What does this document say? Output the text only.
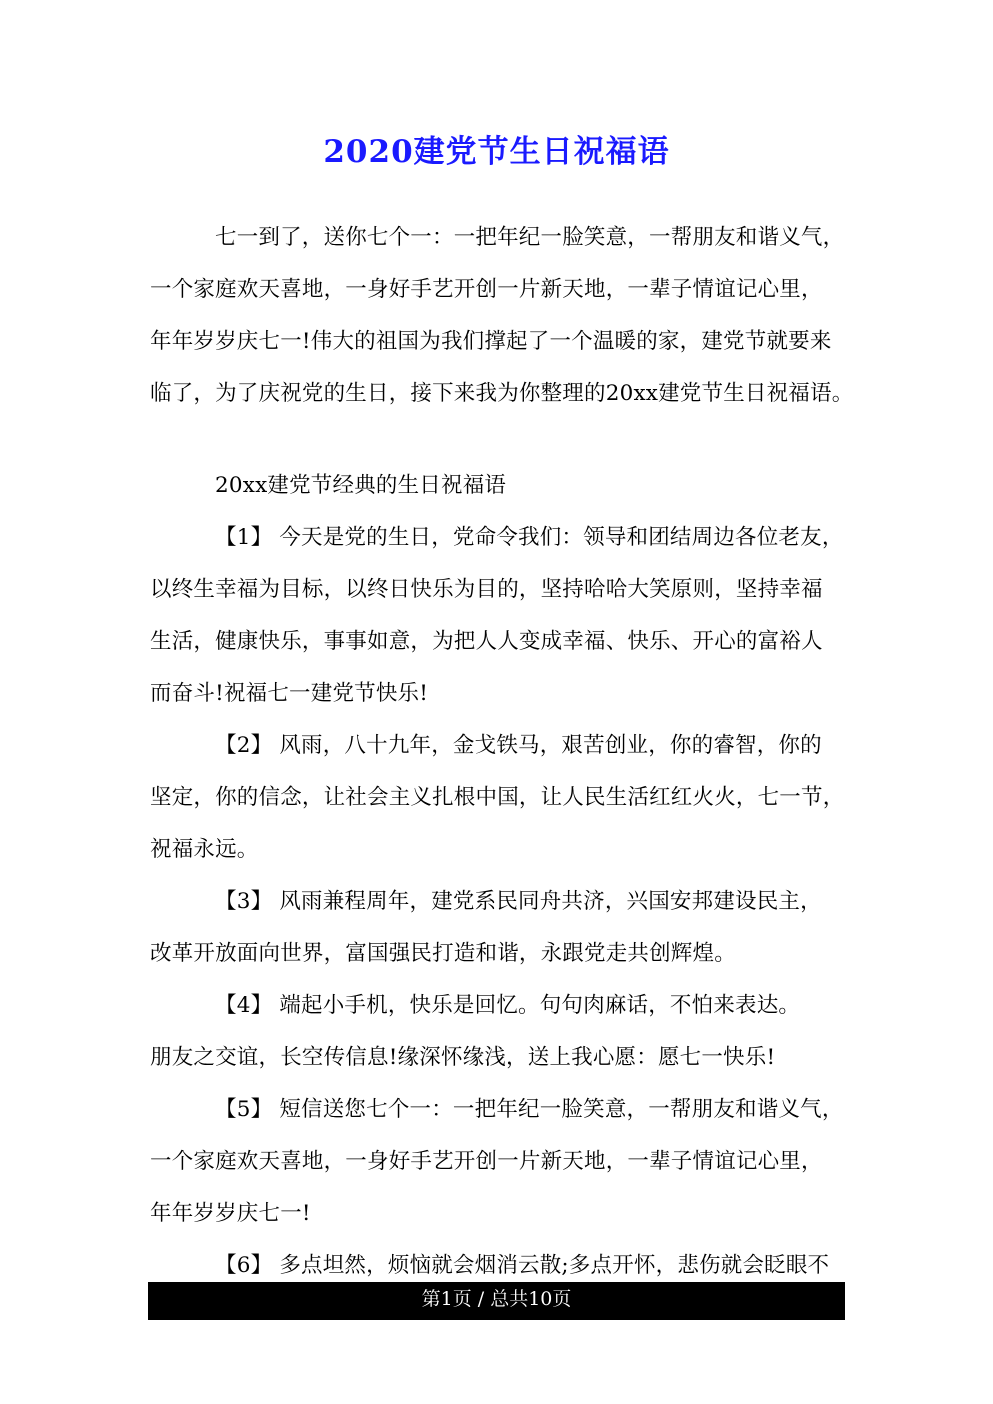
2020建党节生日祝福语
七一到了，送你七个一：一把年纪一脸笑意，一帮朋友和谐义气，
一个家庭欢天喜地，一身好手艺开创一片新天地，一辈子情谊记心里，
年年岁岁庆七一!伟大的祖国为我们撑起了一个温暖的家，建党节就要来
临了，为了庆祝党的生日，接下来我为你整理的20xx建党节生日祝福语。
20xx建党节经典的生日祝福语
【1】 今天是党的生日，党命令我们：领导和团结周边各位老友，
以终生幸福为目标，以终日快乐为目的，坚持哈哈大笑原则，坚持幸福
生活，健康快乐，事事如意，为把人人变成幸福、快乐、开心的富裕人
而奋斗!祝福七一建党节快乐!
【2】 风雨，八十九年，金戈铁马，艰苦创业，你的睿智，你的
坚定，你的信念，让社会主义扎根中国，让人民生活红红火火，七一节，
祝福永远。
【3】 风雨兼程周年，建党系民同舟共济，兴国安邦建设民主，
改革开放面向世界，富国强民打造和谐，永跟党走共创辉煌。
【4】 端起小手机，快乐是回忆。句句肉麻话，不怕来表达。
朋友之交谊，长空传信息!缘深怀缘浅，送上我心愿：愿七一快乐!
【5】 短信送您七个一：一把年纪一脸笑意，一帮朋友和谐义气，
一个家庭欢天喜地，一身好手艺开创一片新天地，一辈子情谊记心里，
年年岁岁庆七一!
【6】 多点坦然，烦恼就会烟消云散;多点开怀，悲伤就会眨眼不
第1页 / 总共10页
